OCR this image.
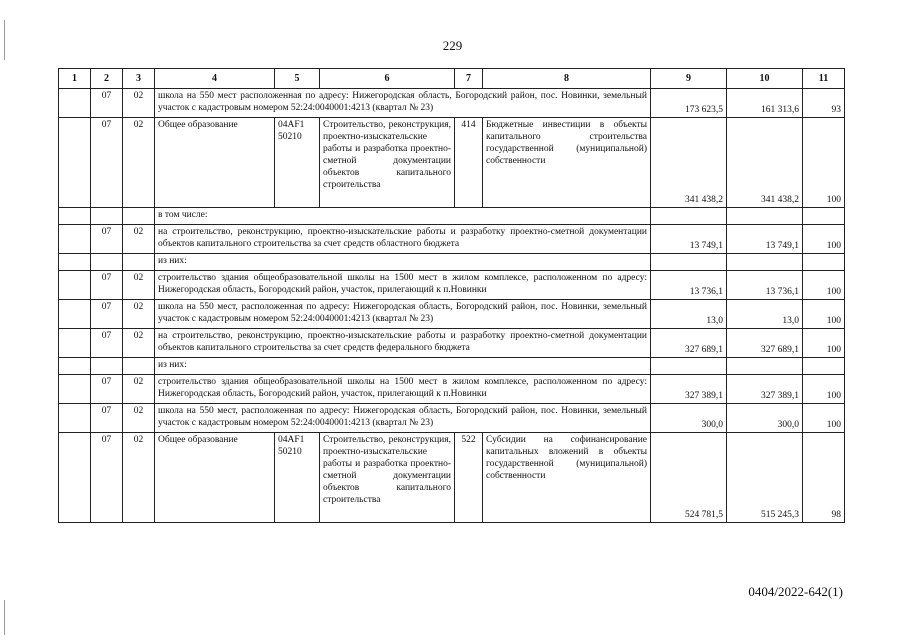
229
1	2	3	4	5	6	7	8	9	10	11
	07	02	школа на 550 мест расположенная по адресу: Нижегородская область, Богородский район, пос. Новинки, земельный участок с кадастровым номером 52:24:0040001:4213 (квартал № 23)					173 623,5	161 313,6	93
	07	02	Общее образование	04AF1 50210	Строительство, реконструкция, проектно-изыскательские работы и разработка проектно-сметной документации объектов капитального строительства	414	Бюджетные инвестиции в объекты капитального строительства государственной (муниципальной) собственности	341 438,2	341 438,2	100
			в том числе:							
	07	02	на строительство, реконструкцию, проектно-изыскательские работы и разработку проектно-сметной документации объектов капитального строительства за счет средств областного бюджета					13 749,1	13 749,1	100
			из них:							
	07	02	строительство здания общеобразовательной школы на 1500 мест в жилом комплексе, расположенном по адресу: Нижегородская область, Богородский район, участок, прилегающий к п.Новинки					13 736,1	13 736,1	100
	07	02	школа на 550 мест, расположенная по адресу: Нижегородская область, Богородский район, пос. Новинки, земельный участок с кадастровым номером 52:24:0040001:4213 (квартал № 23)					13,0	13,0	100
	07	02	на строительство, реконструкцию, проектно-изыскательские работы и разработку проектно-сметной документации объектов капитального строительства за счет средств федерального бюджета					327 689,1	327 689,1	100
			из них:							
	07	02	строительство здания общеобразовательной школы на 1500 мест в жилом комплексе, расположенном по адресу: Нижегородская область, Богородский район, участок, прилегающий к п.Новинки					327 389,1	327 389,1	100
	07	02	школа на 550 мест, расположенная по адресу: Нижегородская область, Богородский район, пос. Новинки, земельный участок с кадастровым номером 52:24:0040001:4213 (квартал № 23)					300,0	300,0	100
	07	02	Общее образование	04AF1 50210	Строительство, реконструкция, проектно-изыскательские работы и разработка проектно-сметной документации объектов капитального строительства	522	Субсидии на софинансирование капитальных вложений в объекты государственной (муниципальной) собственности	524 781,5	515 245,3	98
0404/2022-642(1)
